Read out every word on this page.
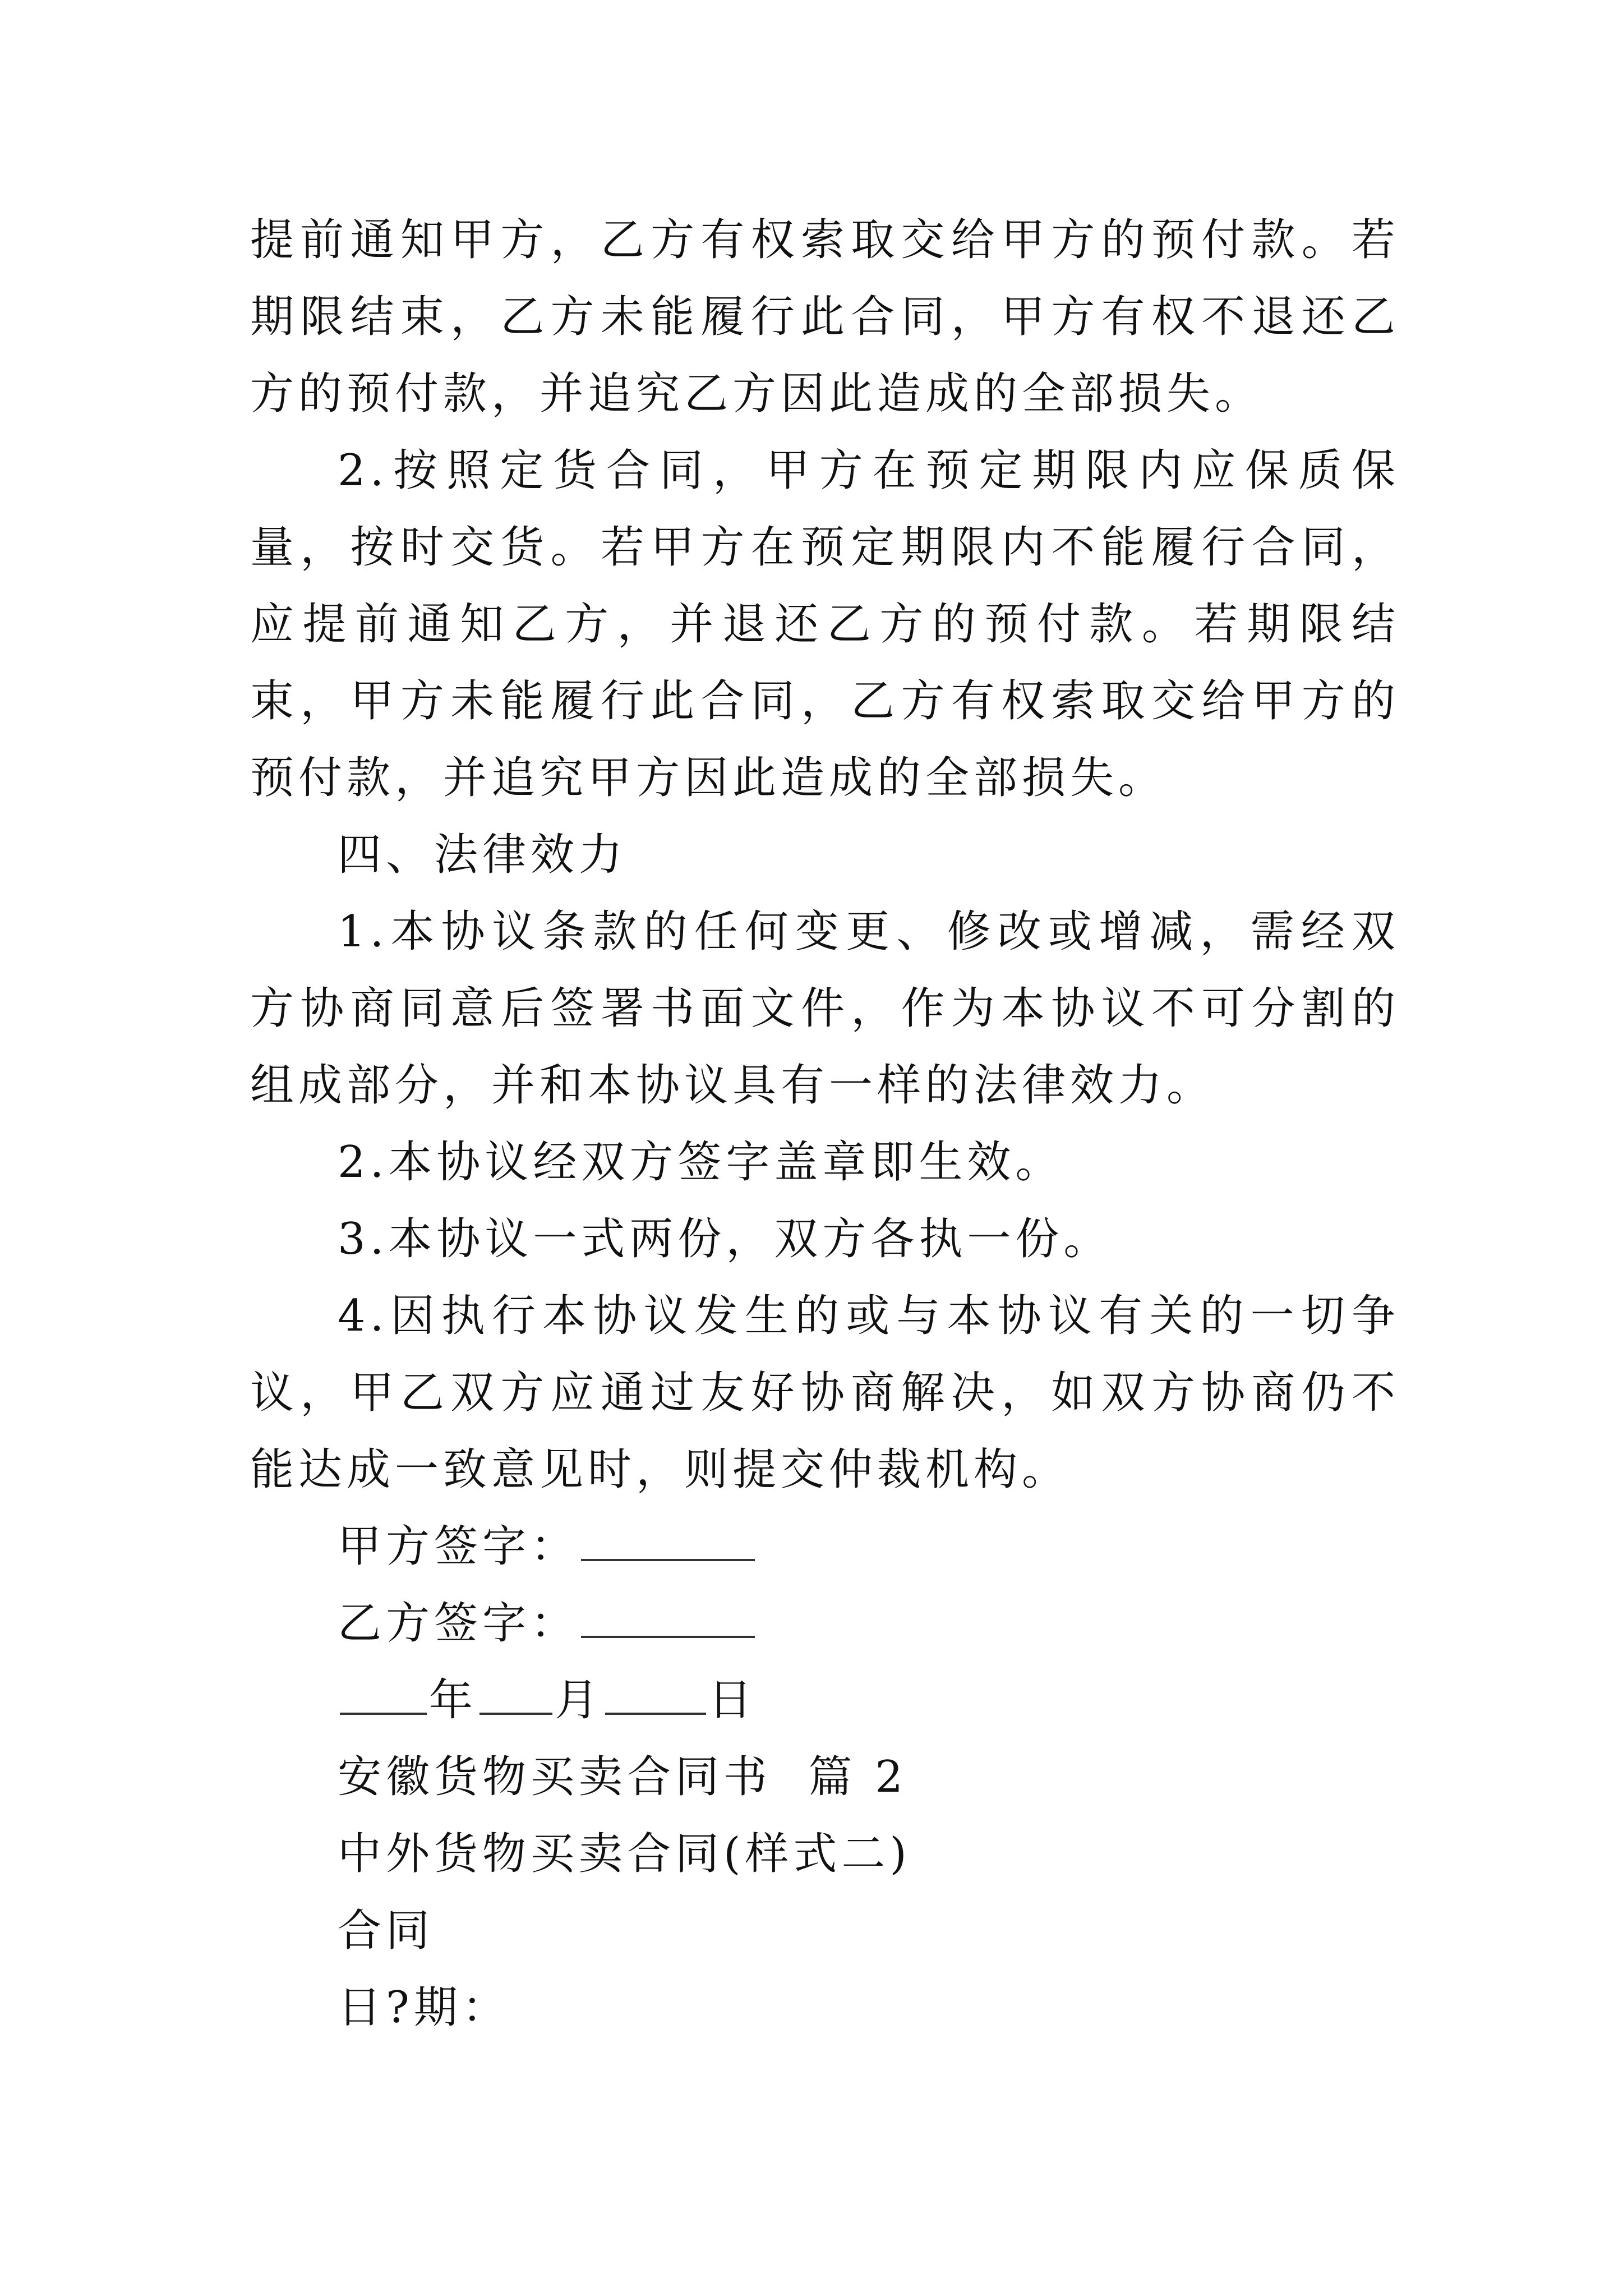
提前通知甲方，乙方有权索取交给甲方的预付款。若期限结束，乙方未能履行此合同，甲方有权不退还乙方的预付款，并追究乙方因此造成的全部损失。

2.按照定货合同，甲方在预定期限内应保质保量，按时交货。若甲方在预定期限内不能履行合同，应提前通知乙方，并退还乙方的预付款。若期限结束，甲方未能履行此合同，乙方有权索取交给甲方的预付款，并追究甲方因此造成的全部损失。

四、法律效力

1.本协议条款的任何变更、修改或增减，需经双方协商同意后签署书面文件，作为本协议不可分割的组成部分，并和本协议具有一样的法律效力。

2.本协议经双方签字盖章即生效。

3.本协议一式两份，双方各执一份。

4.因执行本协议发生的或与本协议有关的一切争议，甲乙双方应通过友好协商解决，如双方协商仍不能达成一致意见时，则提交仲裁机构。

甲方签字：
乙方签字：
年 月 日
安徽货物买卖合同书  篇 2
中外货物买卖合同(样式二)
合同
日?期：
